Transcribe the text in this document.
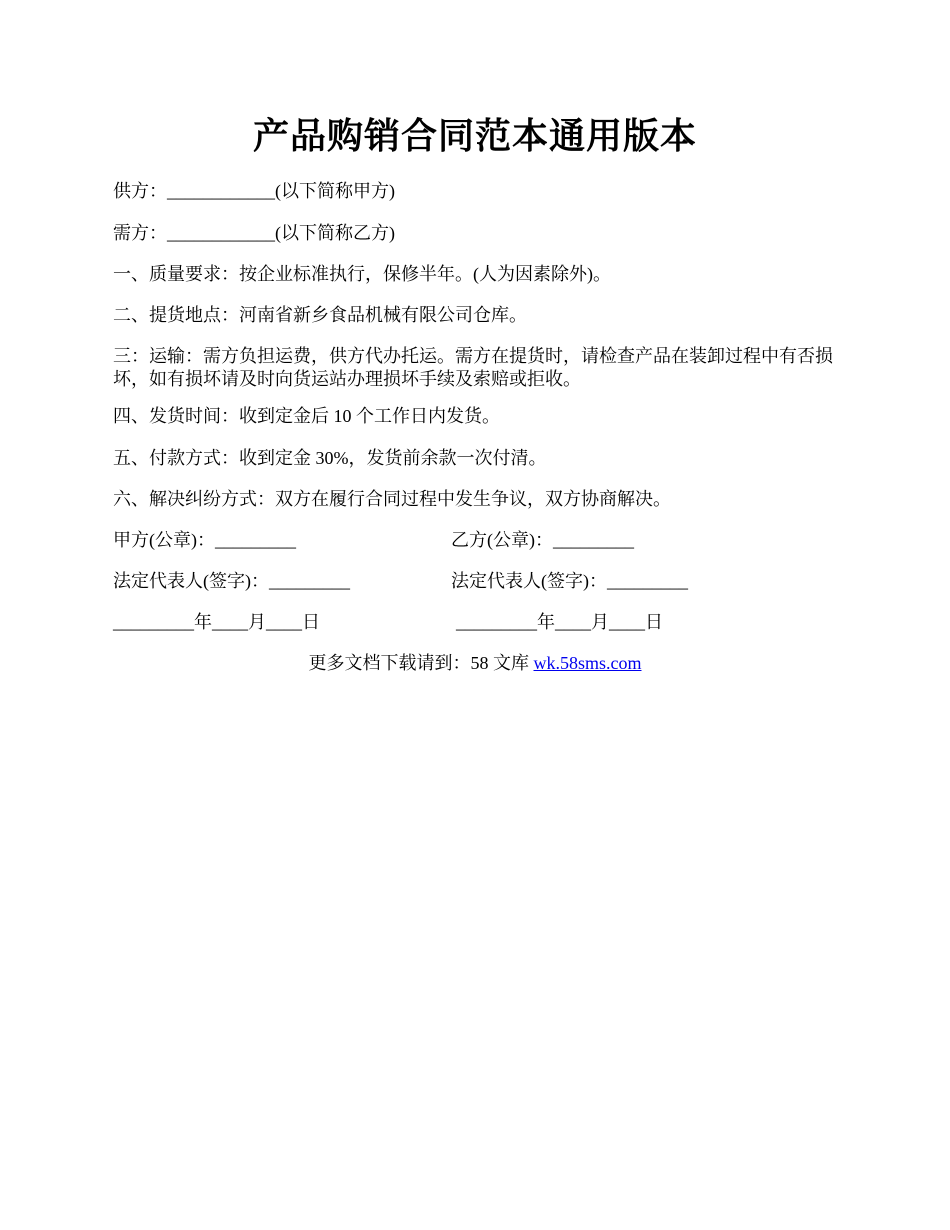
产品购销合同范本通用版本
供方：____________(以下简称甲方)
需方：____________(以下简称乙方)
一、质量要求：按企业标准执行，保修半年。(人为因素除外)。
二、提货地点：河南省新乡食品机械有限公司仓库。
三：运输：需方负担运费，供方代办托运。需方在提货时，请检查产品在装卸过程中有否损坏，如有损坏请及时向货运站办理损坏手续及索赔或拒收。
四、发货时间：收到定金后 10 个工作日内发货。
五、付款方式：收到定金 30%，发货前余款一次付清。
六、解决纠纷方式：双方在履行合同过程中发生争议，双方协商解决。
甲方(公章)：_________	乙方(公章)：_________
法定代表人(签字)：_________	法定代表人(签字)：_________
_________年____月____日	_________年____月____日
更多文档下载请到：58 文库 wk.58sms.com
